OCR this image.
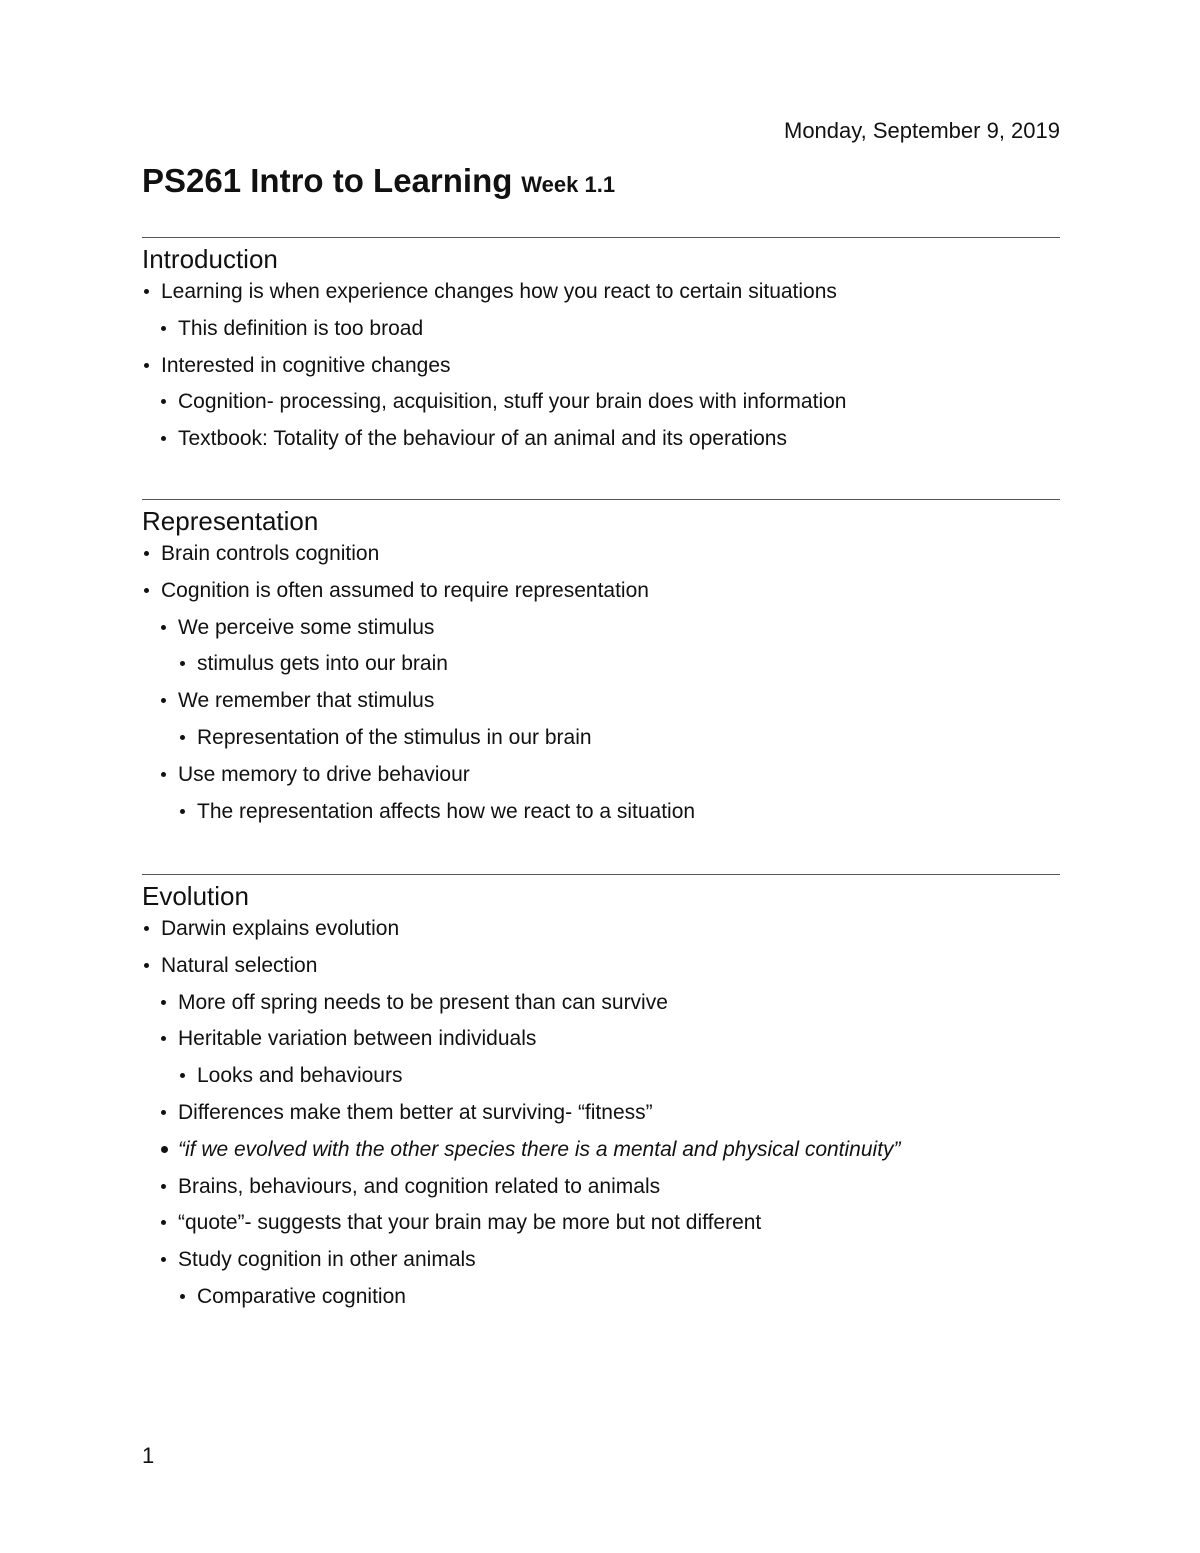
Monday, September 9, 2019
PS261 Intro to Learning Week 1.1
Introduction
Learning is when experience changes how you react to certain situations
This definition is too broad
Interested in cognitive changes
Cognition- processing, acquisition, stuff your brain does with information
Textbook: Totality of the behaviour of an animal and its operations
Representation
Brain controls cognition
Cognition is often assumed to require representation
We perceive some stimulus
stimulus gets into our brain
We remember that stimulus
Representation of the stimulus in our brain
Use memory to drive behaviour
The representation affects how we react to a situation
Evolution
Darwin explains evolution
Natural selection
More off spring needs to be present than can survive
Heritable variation between individuals
Looks and behaviours
Differences make them better at surviving- “fitness”
“if we evolved with the other species there is a mental and physical continuity”
Brains, behaviours, and cognition related to animals
“quote”- suggests that your brain may be more but not different
Study cognition in other animals
Comparative cognition
1
